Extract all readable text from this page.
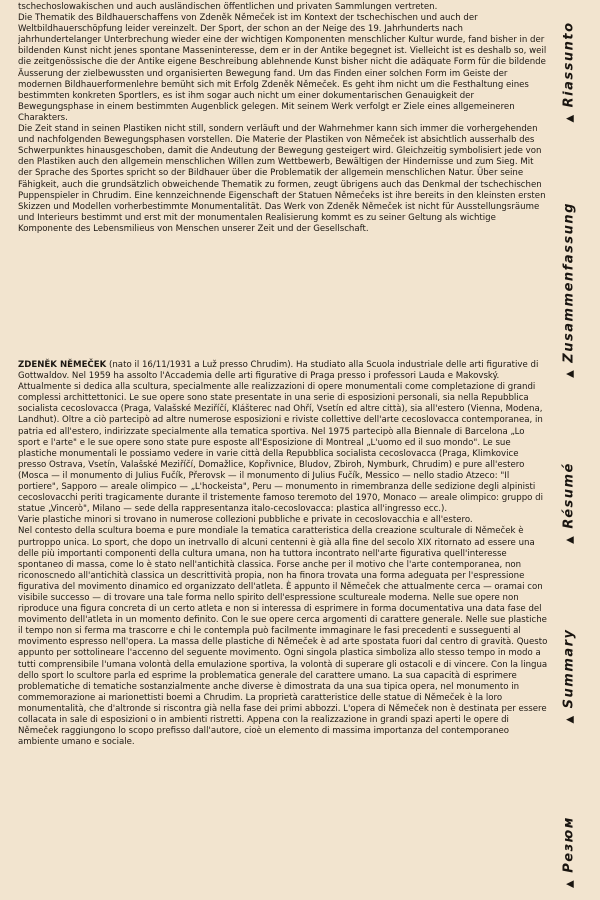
tschechoslowakischen und auch ausländischen öffentlichen und privaten Sammlungen vertreten.

Die Thematik des Bildhauerschaffens von Zdeněk Němeček ist im Kontext der tschechischen und auch der Weltbildhauerschöpfung leider vereinzelt. Der Sport, der schon an der Neige des 19. Jahrhunderts nach jahrhundertelanger Unterbrechung wieder eine der wichtigen Komponenten menschlicher Kultur wurde, fand bisher in der bildenden Kunst nicht jenes spontane Masseninteresse, dem er in der Antike begegnet ist. Vielleicht ist es deshalb so, weil die zeitgenössische die der Antike eigene Beschreibung ablehnende Kunst bisher nicht die adäquate Form für die bildende Äusserung der zielbewussten und organisierten Bewegung fand. Um das Finden einer solchen Form im Geiste der modernen Bildhauerformenlehre bemüht sich mit Erfolg Zdeněk Němeček. Es geht ihm nicht um die Festhaltung eines bestimmten konkreten Sportlers, es ist ihm sogar auch nicht um einer dokumentarischen Genauigkeit der Bewegungsphase in einem bestimmten Augenblick gelegen. Mit seinem Werk verfolgt er Ziele eines allgemeineren Charakters.

Die Zeit stand in seinen Plastiken nicht still, sondern verläuft und der Wahrnehmer kann sich immer die vorhergehenden und nachfolgenden Bewegungsphasen vorstellen. Die Materie der Plastiken von Němeček ist absichtlich ausserhalb des Schwerpunktes hinausgeschoben, damit die Andeutung der Bewegung gesteigert wird. Gleichzeitig symbolisiert jede von den Plastiken auch den allgemein menschlichen Willen zum Wettbewerb, Bewältigen der Hindernisse und zum Sieg. Mit der Sprache des Sportes spricht so der Bildhauer über die Problematik der allgemein menschlichen Natur. Über seine Fähigkeit, auch die grundsätzlich obweichende Thematik zu formen, zeugt übrigens auch das Denkmal der tschechischen Puppenspieler in Chrudim. Eine kennzeichnende Eigenschaft der Statuen Němečeks ist ihre bereits in den kleinsten ersten Skizzen und Modellen vorherbestimmte Monumentalität. Das Werk von Zdeněk Němeček ist nicht für Ausstellungsräume und Interieurs bestimmt und erst mit der monumentalen Realisierung kommt es zu seiner Geltung als wichtige Komponente des Lebensmilieus von Menschen unserer Zeit und der Gesellschaft.

ZDENĚK NĚMEČEK (nato il 16/11/1931 a Luž presso Chrudim). Ha studiato alla Scuola industriale delle arti figurative di Gottwaldov. Nel 1959 ha assolto l'Accademia delle arti figurative di Praga presso i professori Lauda e Makovský. Attualmente si dedica alla scultura, specialmente alle realizzazioni di opere monumentali come completazione di grandi complessi archittettonici. Le sue opere sono state presentate in una serie di esposizioni personali, sia nella Repubblica socialista cecoslovacca (Praga, Valašské Meziříčí, Klášterec nad Ohří, Vsetín ed altre città), sia all'estero (Vienna, Modena, Landhut). Oltre a ciò partecipò ad altre numerose esposizioni e riviste collettive dell'arte cecoslovacca contemporanea, in patria ed all'estero, indirizzate specialmente alla tematica sportiva. Nel 1975 partecipò alla Biennale di Barcelona „Lo sport e l'arte" e le sue opere sono state pure esposte all'Esposizione di Montreal „L'uomo ed il suo mondo". Le sue plastiche monumentali le possiamo vedere in varie città della Repubblica socialista cecoslovacca (Praga, Klimkovice presso Ostrava, Vsetín, Valašské Meziříčí, Domažlice, Kopřivnice, Bludov, Zbiroh, Nymburk, Chrudim) e pure all'estero (Mosca — il monumento di Julius Fučík, Přerovsk — il monumento di Julius Fučík, Messico — nello stadio Atzeco: "Il portiere", Sapporo — areale olimpico — „L'hockeista", Peru — monumento in rimembranza delle sedizione degli alpinisti cecoslovacchi periti tragicamente durante il tristemente famoso teremoto del 1970, Monaco — areale olimpico: gruppo di statue „Vincerò", Milano — sede della rappresentanza italo-cecoslovacca: plastica all'ingresso ecc.).

Varie plastiche minori si trovano in numerose collezioni pubbliche e private in cecoslovacchia e all'estero.

Nel contesto della scultura boema e pure mondiale la tematica caratteristica della creazione sculturale di Němeček è purtroppo unica. Lo sport, che dopo un inetrvallo di alcuni centenni è già alla fine del secolo XIX ritornato ad essere una delle più importanti componenti della cultura umana, non ha tuttora incontrato nell'arte figurativa quell'interesse spontaneo di massa, come lo è stato nell'antichità classica. Forse anche per il motivo che l'arte contemporanea, non riconoscnedo all'antichità classica un descrittività propia, non ha finora trovata una forma adeguata per l'espressione figurativa del movimento dinamico ed organizzato dell'atleta. È appunto il Němeček che attualmente cerca — oramai con visibile successo — di trovare una tale forma nello spirito dell'espressione scultureale moderna. Nelle sue opere non riproduce una figura concreta di un certo atleta e non si interessa di esprimere in forma documentativa una data fase del movimento dell'atleta in un momento definito. Con le sue opere cerca argomenti di carattere generale. Nelle sue plastiche il tempo non si ferma ma trascorre e chi le contempla può facilmente immaginare le fasi precedenti e susseguenti al movimento espresso nell'opera. La massa delle plastiche di Němeček è ad arte spostata fuori dal centro di gravità. Questo appunto per sottolineare l'accenno del seguente movimento. Ogni singola plastica simboliza allo stesso tempo in modo a tutti comprensibile l'umana volontà della emulazione sportiva, la volontà di superare gli ostacoli e di vincere. Con la lingua dello sport lo scultore parla ed esprime la problematica generale del carattere umano. La sua capacità di esprimere problematiche di tematiche sostanzialmente anche diverse è dimostrata da una sua tipica opera, nel monumento in commemorazione ai marionettisti boemi a Chrudim. La proprietà caratteristice delle statue di Němeček è la loro monumentalità, che d'altronde si riscontra già nella fase dei primi abbozzi. L'opera di Němeček non è destinata per essere collacata in sale di esposizioni o in ambienti ristretti. Appena con la realizzazione in grandi spazi aperti le opere di Němeček raggiungono lo scopo prefisso dall'autore, cioè un elemento di massima importanza del contemporaneo ambiente umano e sociale.

▲Riassunto
▲Zusammenfassung
▲Résumé
▲Summary
▲Резюм
